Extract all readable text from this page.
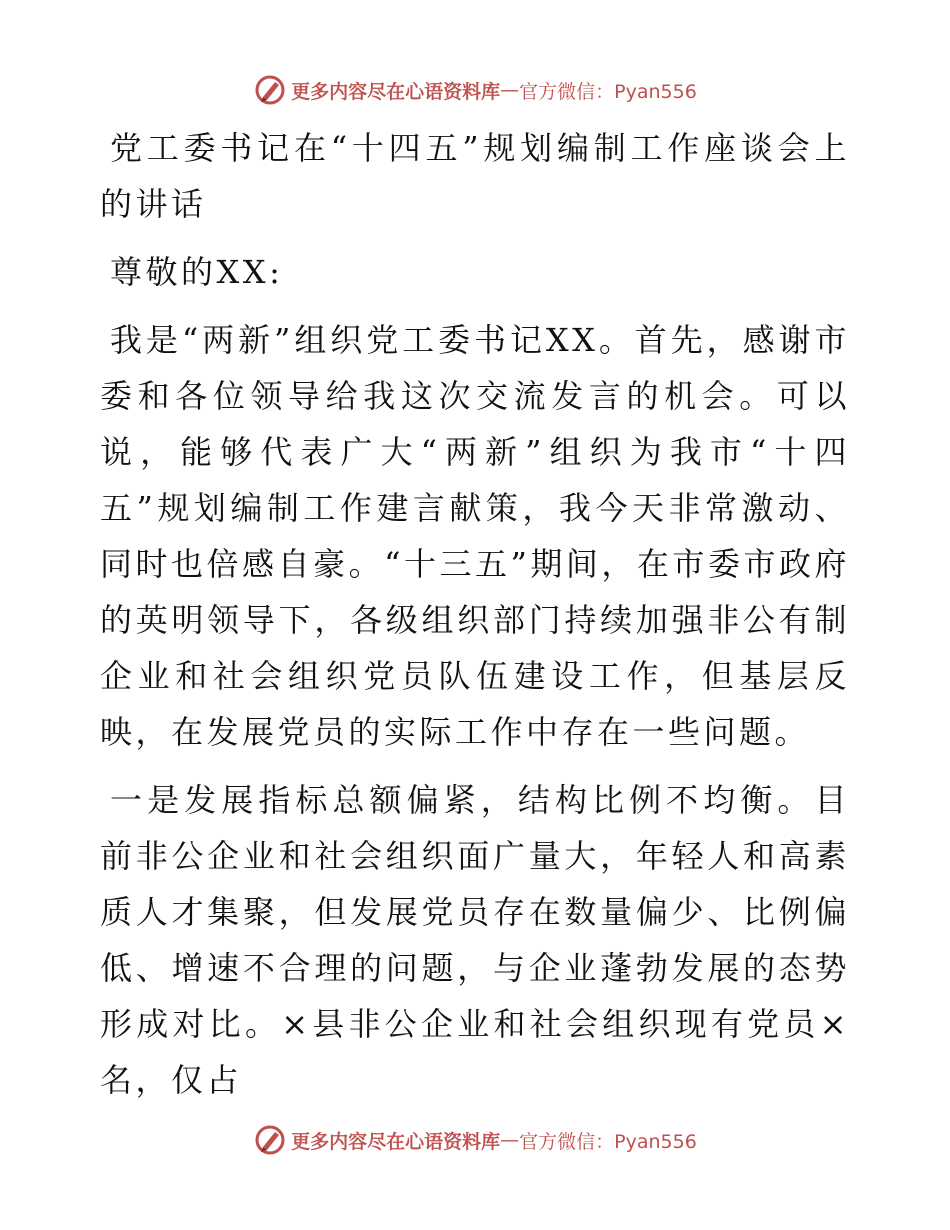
更多内容尽在心语资料库 — 官方微信：Pyan556

党工委书记在“十四五”规划编制工作座谈会上的讲话

尊敬的XX:

我是“两新”组织党工委书记XX。首先，感谢市委和各位领导给我这次交流发言的机会。可以说，能够代表广大“两新”组织为我市“十四五”规划编制工作建言献策，我今天非常激动、同时也倍感自豪。“十三五”期间，在市委市政府的英明领导下，各级组织部门持续加强非公有制企业和社会组织党员队伍建设工作，但基层反映，在发展党员的实际工作中存在一些问题。

一是发展指标总额偏紧，结构比例不均衡。目前非公企业和社会组织面广量大，年轻人和高素质人才集聚，但发展党员存在数量偏少、比例偏低、增速不合理的问题，与企业蓬勃发展的态势形成对比。×县非公企业和社会组织现有党员×名，仅占

更多内容尽在心语资料库 — 官方微信：Pyan556
